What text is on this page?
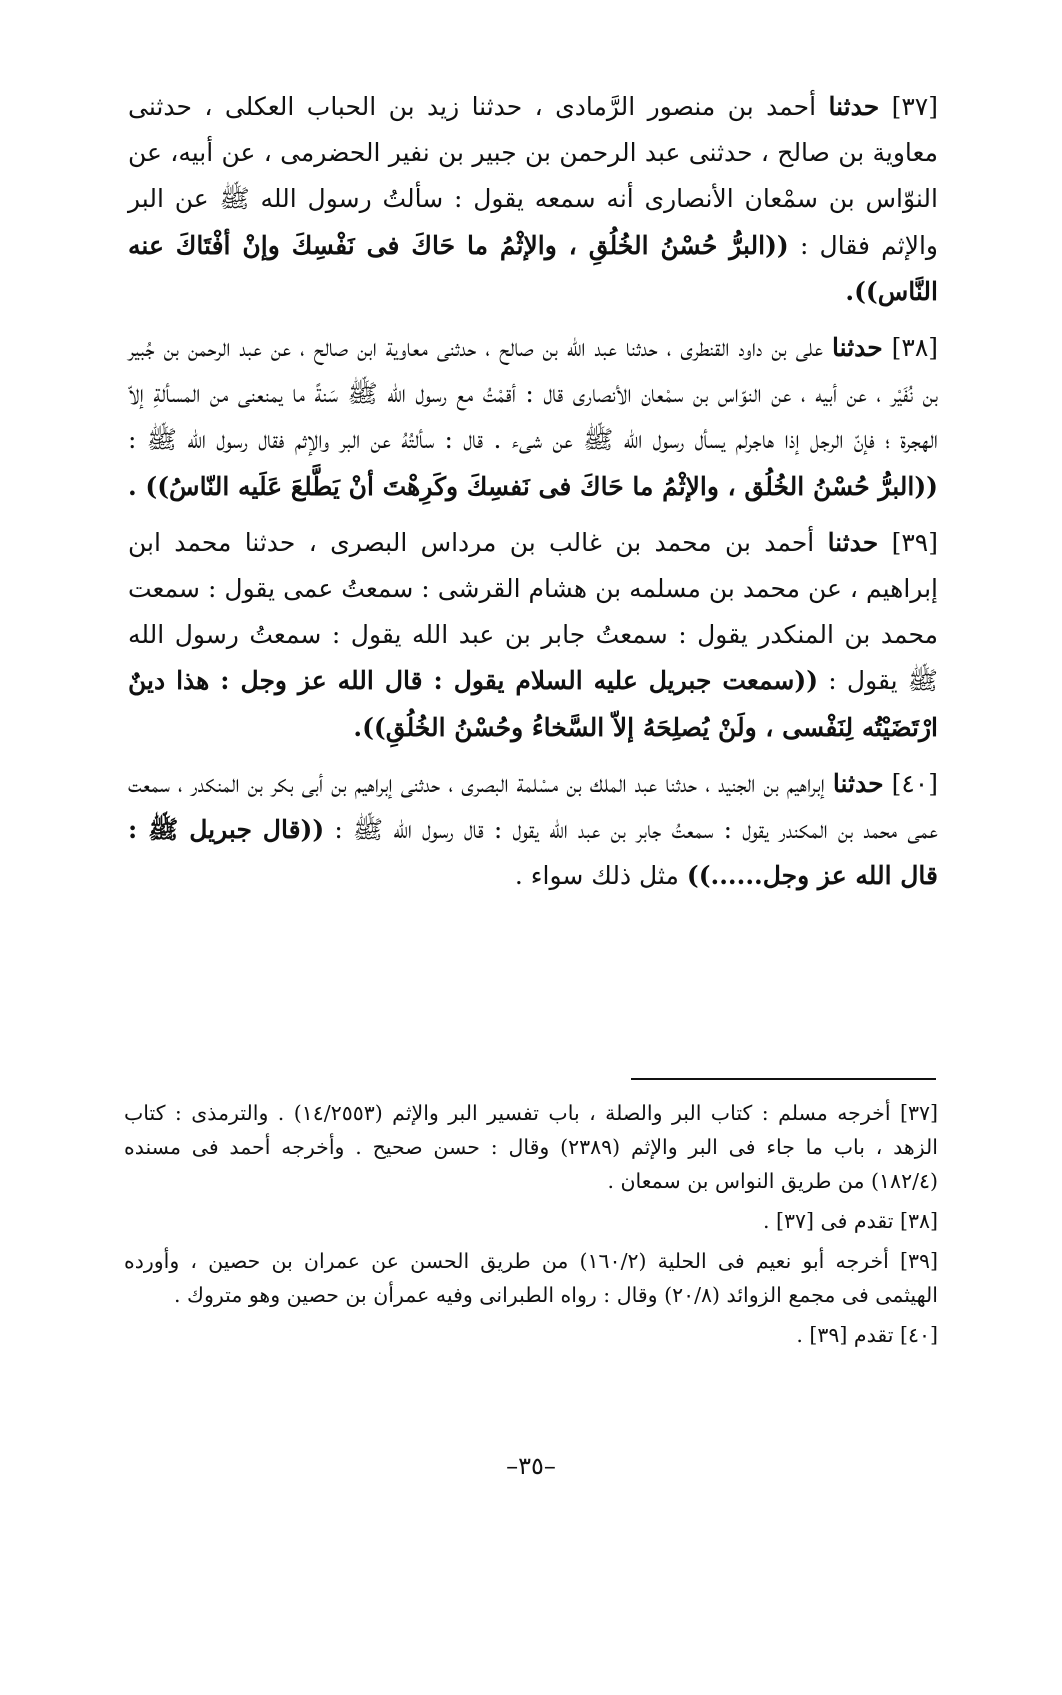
[٣٧] حدثنا أحمد بن منصور الرَّمادى ، حدثنا زيد بن الحباب العكلى ، حدثنى معاوية بن صالح ، حدثنى عبد الرحمن بن جبير بن نفير الحضرمى ، عن أبيه، عن النوّاس بن سمْعان الأنصارى أنه سمعه يقول : سألتُ رسول الله ﷺ عن البر والإثم فقال : ((البرُّ حُسْنُ الخُلُقِ ، والإثْمُ ما حَاكَ فى نَفْسِكَ وإنْ أفْتَاكَ عنه النَّاس)).

[٣٨] حدثنا على بن داود القنطرى ، حدثنا عبد الله بن صالح ، حدثنى معاوية ابن صالح ، عن عبد الرحمن بن جُبير بن نُفَيْر ، عن أبيه ، عن النوّاس بن سمْعان الأنصارى قال : أقمْتُ مع رسول الله ﷺ سَنةً ما يمنعنى من المسألةِ إلاّ الهجرة ؛ فإنّ الرجل إذا هاجرلم يسأل رسول الله ﷺ عن شىء . قال : سألتُهُ عن البر والإثم فقال رسول الله ﷺ : ((البرُّ حُسْنُ الخُلُق ، والإثْمُ ما حَاكَ فى نَفسِكَ وكَرِهْتَ أنْ يَطَّلعَ عَلَيه النّاسُ)) .

[٣٩] حدثنا أحمد بن محمد بن غالب بن مرداس البصرى ، حدثنا محمد ابن إبراهيم ، عن محمد بن مسلمه بن هشام القرشى : سمعتُ عمى يقول : سمعت محمد بن المنكدر يقول : سمعتُ جابر بن عبد الله يقول : سمعتُ رسول الله ﷺ يقول : ((سمعت جبريل عليه السلام يقول : قال الله عز وجل : هذا دينٌ ارْتَضَيْتُه لِنَفْسى ، ولَنْ يُصلِحَهُ إلاّ السَّخاءُ وحُسْنُ الخُلُقِ)).

[٤٠] حدثنا إبراهيم بن الجنيد ، حدثنا عبد الملك بن مسْلمة البصرى ، حدثنى إبراهيم بن أبى بكر بن المنكدر ، سمعت عمى محمد بن المكندر يقول : سمعتُ جابر بن عبد الله يقول : قال رسول الله ﷺ : ((قال جبريل ﷺ : قال الله عز وجل......)) مثل ذلك سواء .

[٣٧] أخرجه مسلم : كتاب البر والصلة ، باب تفسير البر والإثم (١٤/٢٥٥٣) . والترمذى : كتاب الزهد ، باب ما جاء فى البر والإثم (٢٣٨٩) وقال : حسن صحيح . وأخرجه أحمد فى مسنده (١٨٢/٤) من طريق النواس بن سمعان .

[٣٨] تقدم فى [٣٧] .

[٣٩] أخرجه أبو نعيم فى الحلية (١٦٠/٢) من طريق الحسن عن عمران بن حصين ، وأورده الهيثمى فى مجمع الزوائد (٢٠/٨) وقال : رواه الطبرانى وفيه عمرأن بن حصين وهو متروك .

[٤٠] تقدم [٣٩] .

–٣٥–
